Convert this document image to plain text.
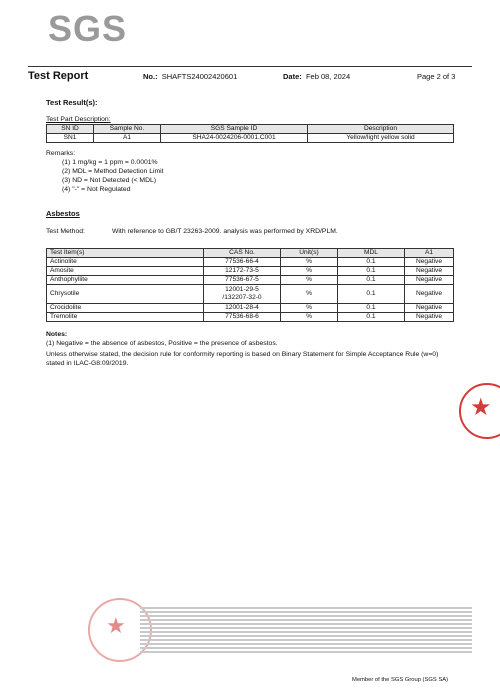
SGS
Test Report	No.: SHAFTS24002420601	Date: Feb 08, 2024	Page 2 of 3
Test Result(s):
Test Part Description:
SN ID	Sample No.	SGS Sample ID	Description
SN1	A1	SHA24-0024206-0001.C001	Yellow/light yellow solid
Remarks:
(1) 1 mg/kg = 1 ppm = 0.0001%
(2) MDL = Method Detection Limit
(3) ND = Not Detected (< MDL)
(4) "-" = Not Regulated
Asbestos
Test Method:	With reference to GB/T 23263-2009. analysis was performed by XRD/PLM.
Test Item(s)	CAS No.	Unit(s)	MDL	A1
Actinolite	77536-66-4	%	0.1	Negative
Amosite	12172-73-5	%	0.1	Negative
Anthophyllite	77536-67-5	%	0.1	Negative
Chrysotile	12001-29-5 /132207-32-0	%	0.1	Negative
Crocidolite	12001-28-4	%	0.1	Negative
Tremolite	77536-68-6	%	0.1	Negative
Notes:
(1) Negative = the absence of asbestos, Positive = the presence of asbestos.
Unless otherwise stated, the decision rule for conformity reporting is based on Binary Statement for Simple Acceptance Rule (w=0) stated in ILAC-G8:09/2019.
★
★
Member of the SGS Group (SGS SA)
